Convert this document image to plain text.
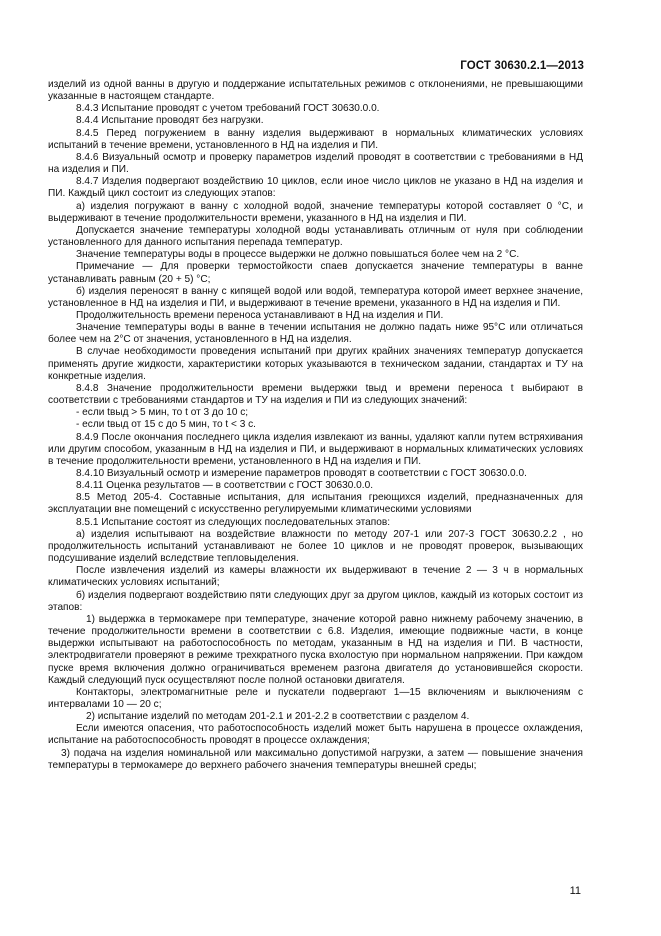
ГОСТ 30630.2.1—2013

изделий из одной ванны в другую и поддержание испытательных режимов с отклонениями, не превышающими указанные в настоящем стандарте.

8.4.3 Испытание проводят с учетом требований ГОСТ 30630.0.0.

8.4.4 Испытание проводят без нагрузки.

8.4.5 Перед погружением в ванну изделия выдерживают в нормальных климатических условиях испытаний в течение времени, установленного в НД на изделия и ПИ.

8.4.6 Визуальный осмотр и проверку параметров изделий проводят в соответствии с требованиями в НД на изделия и ПИ.

8.4.7 Изделия подвергают воздействию 10 циклов, если иное число циклов не указано в НД на изделия и ПИ. Каждый цикл состоит из следующих этапов:

а) изделия погружают в ванну с холодной водой, значение температуры которой составляет 0 °С, и выдерживают в течение продолжительности времени, указанного в НД на изделия и ПИ.

Допускается значение температуры холодной воды устанавливать отличным от нуля при соблюдении установленного для данного испытания перепада температур.

Значение температуры воды в процессе выдержки не должно повышаться более чем на 2 °С.

Примечание — Для проверки термостойкости спаев допускается значение температуры в ванне устанавливать равным (20 + 5) °С;

б) изделия переносят в ванну с кипящей водой или водой, температура которой имеет верхнее значение, установленное в НД на изделия и ПИ, и выдерживают в течение времени, указанного в НД на изделия и ПИ.

Продолжительность времени переноса устанавливают в НД на изделия и ПИ.

Значение температуры воды в ванне в течении испытания не должно падать ниже 95°С или отличаться более чем на 2°С от значения, установленного в НД на изделия.

В случае необходимости проведения испытаний при других крайних значениях температур допускается применять другие жидкости, характеристики которых указываются в техническом задании, стандартах и ТУ на конкретные изделия.

8.4.8 Значение продолжительности времени выдержки tвыд и времени переноса t выбирают в соответствии с требованиями стандартов и ТУ на изделия и ПИ из следующих значений:

- если tвыд > 5 мин, то t от 3 до 10 с;

- если tвыд от 15 с до 5 мин, то t < 3 с.

8.4.9 После окончания последнего цикла изделия извлекают из ванны, удаляют капли путем встряхивания или другим способом, указанным в НД на изделия и ПИ, и выдерживают в нормальных климатических условиях в течение продолжительности времени, установленного в НД на изделия и ПИ.

8.4.10 Визуальный осмотр и измерение параметров проводят в соответствии с ГОСТ 30630.0.0.

8.4.11 Оценка результатов — в соответствии с ГОСТ 30630.0.0.

8.5 Метод 205-4. Составные испытания, для испытания греющихся изделий, предназначенных для эксплуатации вне помещений с искусственно регулируемыми климатическими условиями

8.5.1 Испытание состоят из следующих последовательных этапов:

а) изделия испытывают на воздействие влажности по методу 207-1 или 207-3 ГОСТ 30630.2.2 , но продолжительность испытаний устанавливают не более 10 циклов и не проводят проверок, вызывающих подсушивание изделий вследствие тепловыделения.

После извлечения изделий из камеры влажности их выдерживают в течение 2 — 3 ч в нормальных климатических условиях испытаний;

б) изделия подвергают воздействию пяти следующих друг за другом циклов, каждый из которых состоит из этапов:

1) выдержка в термокамере при температуре, значение которой равно нижнему рабочему значению, в течение продолжительности времени в соответствии с 6.8. Изделия, имеющие подвижные части, в конце выдержки испытывают на работоспособность по методам, указанным в НД на изделия и ПИ. В частности, электродвигатели проверяют в режиме трехкратного пуска вхолостую при нормальном напряжении. При каждом пуске время включения должно ограничиваться временем разгона двигателя до установившейся скорости. Каждый следующий пуск осуществляют после полной остановки двигателя.

Контакторы, электромагнитные реле и пускатели подвергают 1—15 включениям и выключениям с интервалами 10 — 20 с;

2) испытание изделий по методам 201-2.1 и 201-2.2 в соответствии с разделом 4.

Если имеются опасения, что работоспособность изделий может быть нарушена в процессе охлаждения, испытание на работоспособность проводят в процессе охлаждения;

3) подача на изделия номинальной или максимально допустимой нагрузки, а затем — повышение значения температуры в термокамере до верхнего рабочего значения температуры внешней среды;

11
